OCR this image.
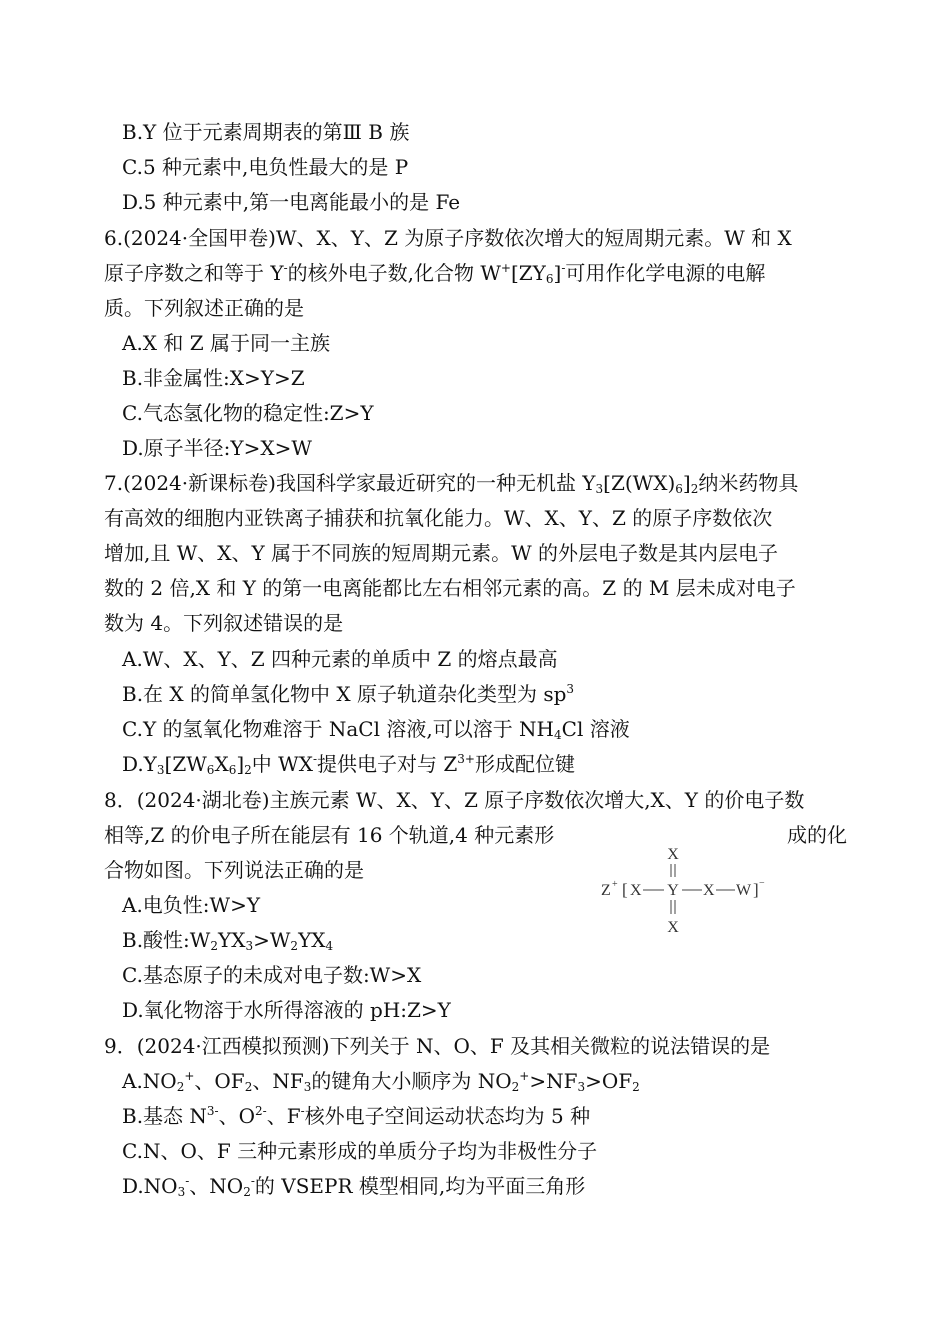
B.Y 位于元素周期表的第Ⅲ B 族
C.5 种元素中,电负性最大的是 P
D.5 种元素中,第一电离能最小的是 Fe
6.(2024·全国甲卷)W、X、Y、Z 为原子序数依次增大的短周期元素。W 和 X
原子序数之和等于 Y-的核外电子数,化合物 $W^+[ZY_6]^-$可用作化学电源的电解
质。下列叙述正确的是
A.X 和 Z 属于同一主族
B.非金属性:X>Y>Z
C.气态氢化物的稳定性:Z>Y
D.原子半径:Y>X>W
7.(2024·新课标卷)我国科学家最近研究的一种无机盐 $Y_3[Z(WX)_6]_2$纳米药物具
有高效的细胞内亚铁离子捕获和抗氧化能力。W、X、Y、Z 的原子序数依次
增加,且 W、X、Y 属于不同族的短周期元素。W 的外层电子数是其内层电子
数的 2 倍,X 和 Y 的第一电离能都比左右相邻元素的高。Z 的 M 层未成对电子
数为 4。下列叙述错误的是
A.W、X、Y、Z 四种元素的单质中 Z 的熔点最高
B.在 X 的简单氢化物中 X 原子轨道杂化类型为 $sp^3$
C.Y 的氢氧化物难溶于 NaCl 溶液,可以溶于 $NH_4Cl$ 溶液
$D.Y_3[ZW_6X_6]_2$中 WX-提供电子对与 $Z^{3+}$形成配位键
8．(2024·湖北卷)主族元素 W、X、Y、Z 原子序数依次增大,X、Y 的价电子数
相等,Z 的价电子所在能层有 16 个轨道,4 种元素形	成的化
合物如图。下列说法正确的是
A.电负性:W>Y
B.酸性$:W_2YX_3>W_2YX_4$
C.基态原子的未成对电子数:W>X
D.氧化物溶于水所得溶液的 pH:Z>Y
X
Z + [ X Y X W ] −
X
9．(2024·江西模拟预测)下列关于 N、O、F 及其相关微粒的说法错误的是
$A.NO_2^+$、$OF_2$、$NF_3$的键角大小顺序为 $NO_2^+>NF_3>OF_2$
B.基态 $N^{3-}$、$O^{2-}$、F-核外电子空间运动状态均为 5 种
C.N、O、F 三种元素形成的单质分子均为非极性分子
$D.NO_3^-$、$NO_2^-$的 VSEPR 模型相同,均为平面三角形
